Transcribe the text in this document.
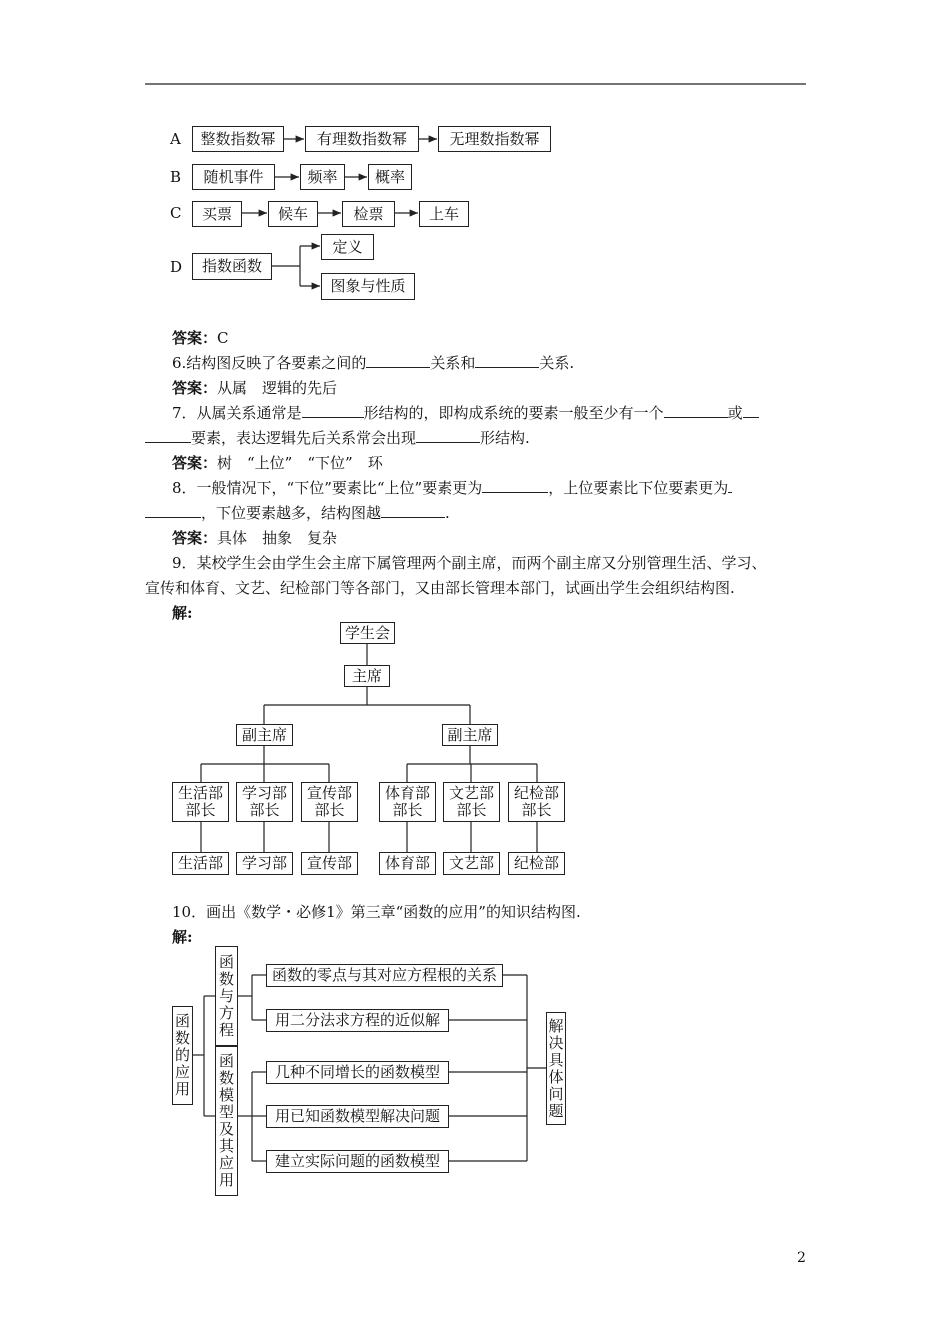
A	整数指数幂	有理数指数幂	无理数指数幂
B	随机事件	频率	概率
C	买票	候车	检票	上车
D	指数函数
定义
图象与性质
答案：C
6.结构图反映了各要素之间的	关系和	关系.
答案：从属　逻辑的先后
7．从属关系通常是	形结构的，即构成系统的要素一般至少有一个	或
要素，表达逻辑先后关系常会出现	形结构.
答案：树　“上位”　“下位”　环
8．一般情况下，“下位”要素比“上位”要素更为	，上位要素比下位要素更为
，下位要素越多，结构图越	.
答案：具体　抽象　复杂
9．某校学生会由学生会主席下属管理两个副主席，而两个副主席又分别管理生活、学习、
宣传和体育、文艺、纪检部门等各部门，又由部长管理本部门，试画出学生会组织结构图.
解:
学生会
主席
副主席	副主席
生活部
部长
学习部
部长
宣传部
部长
体育部
部长
文艺部
部长
纪检部
部长
生活部	学习部	宣传部	体育部	文艺部	纪检部
10．画出《数学・必修1》第三章“函数的应用”的知识结构图.
解:
函
数
的
应
用
函
数
与
方
程
函
数
模
型
及
其
应
用
解
决
具
体
问
题
函数的零点与其对应方程根的关系
用二分法求方程的近似解
几种不同增长的函数模型
用已知函数模型解决问题
建立实际问题的函数模型
2
